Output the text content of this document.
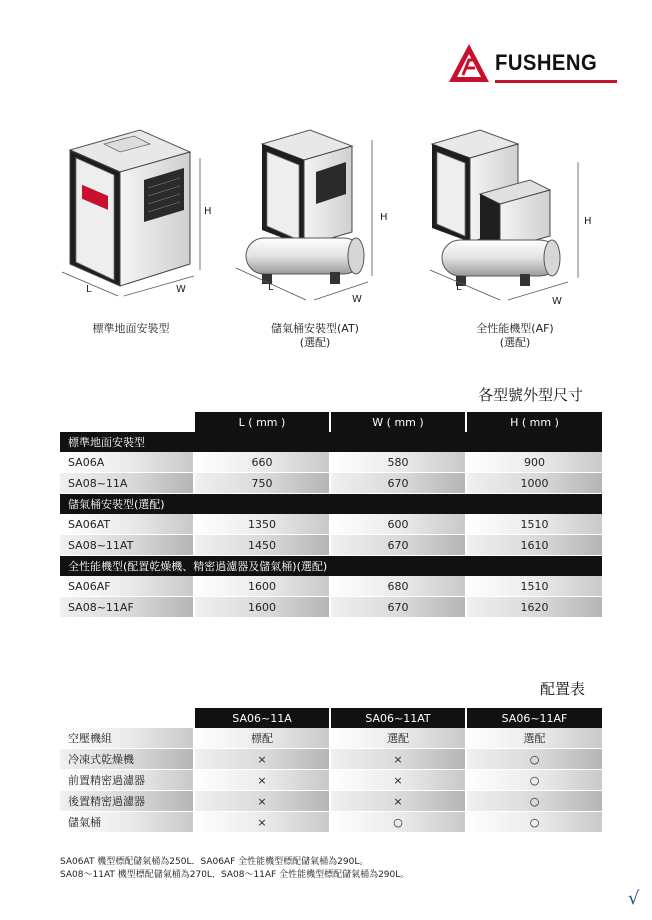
FUSHENG
H
L	W
H
L
W
H
L
W
標準地面安裝型	儲氣桶安裝型(AT)
(選配)
全性能機型(AF)
(選配)
各型號外型尺寸
	L ( mm )	W ( mm )	H ( mm )
標準地面安裝型			
SA06A	660	580	900
SA08~11A	750	670	1000
儲氣桶安裝型(選配)			
SA06AT	1350	600	1510
SA08~11AT	1450	670	1610
全性能機型(配置乾燥機、精密過濾器及儲氣桶)(選配)			
SA06AF	1600	680	1510
SA08~11AF	1600	670	1620
配置表
	SA06~11A	SA06~11AT	SA06~11AF
空壓機組	標配	選配	選配
冷凍式乾燥機	×	×	○
前置精密過濾器	×	×	○
後置精密過濾器	×	×	○
儲氣桶	×	○	○
SA06AT 機型標配儲氣桶為250L．SA06AF 全性能機型標配儲氣桶為290L。
SA08～11AT 機型標配儲氣桶為270L．SA08～11AF 全性能機型標配儲氣桶為290L。
√
